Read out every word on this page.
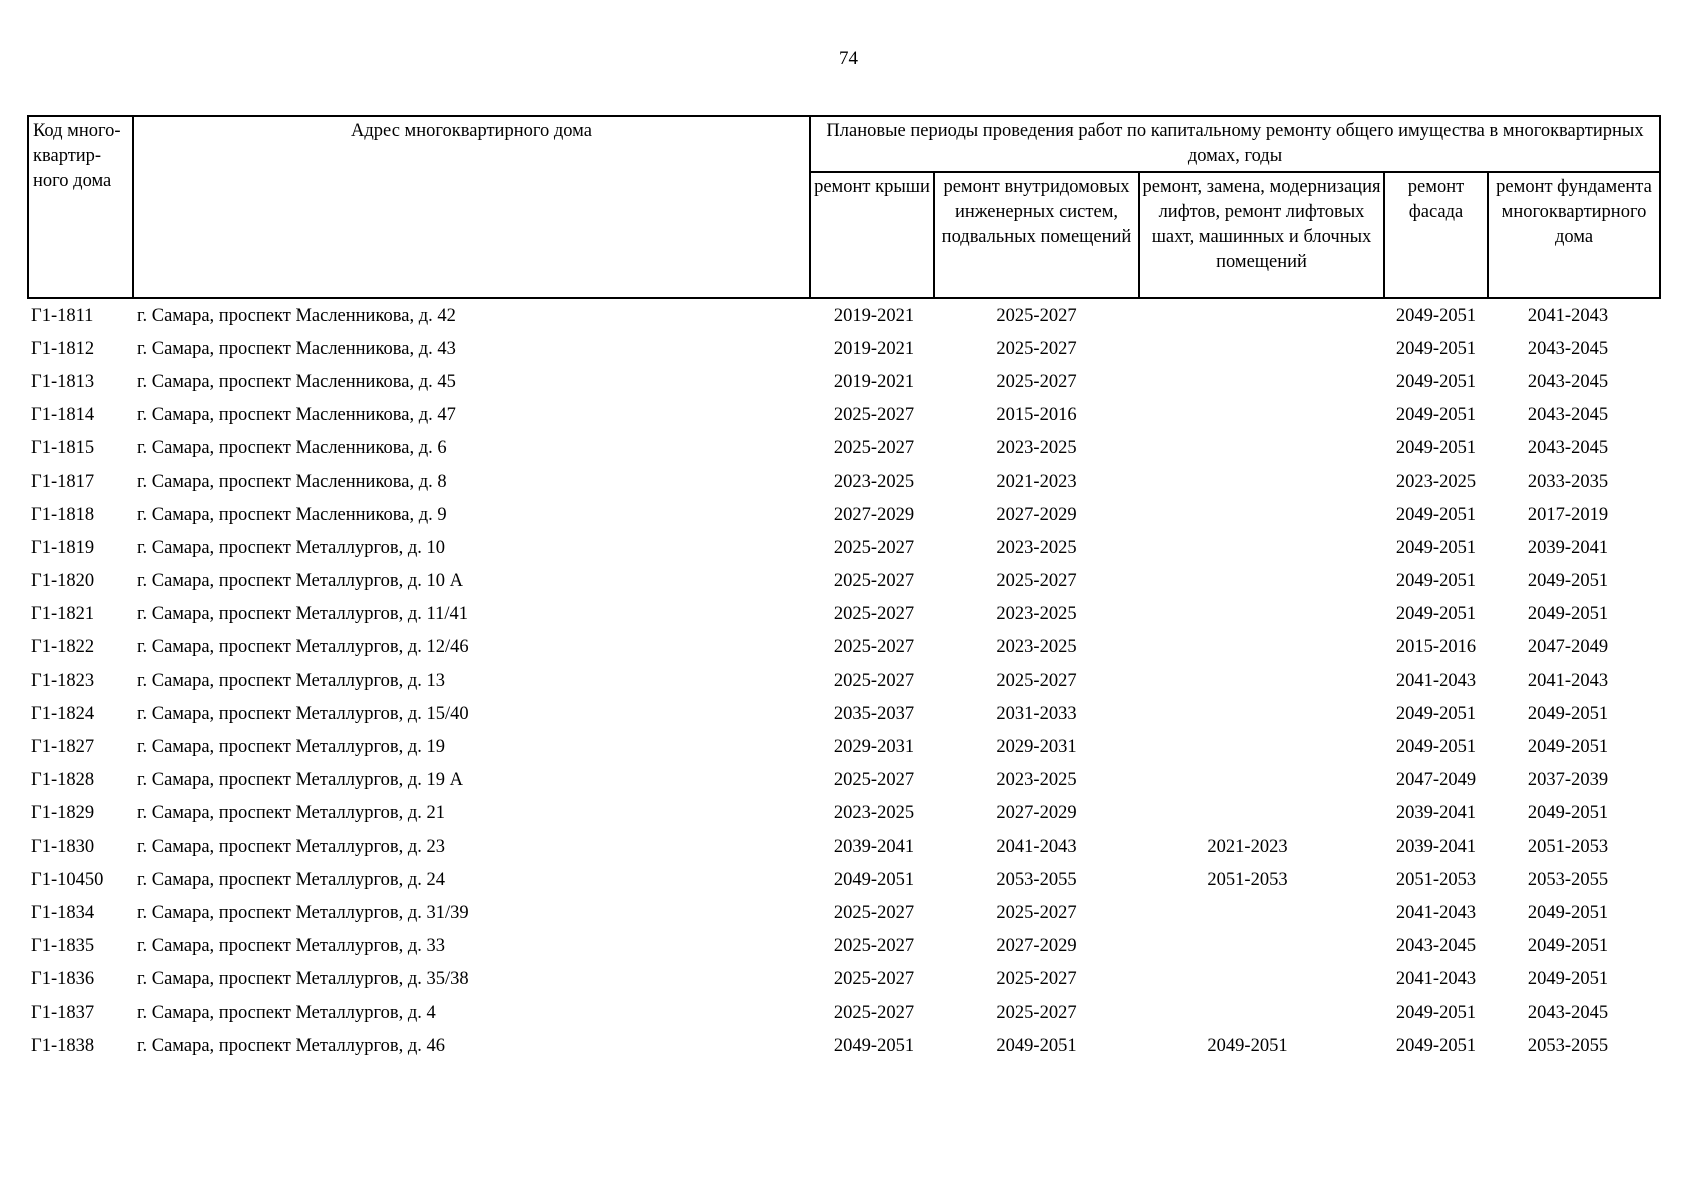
74
Код много-квартир-ного дома	Адрес многоквартирного дома	Плановые периоды проведения работ по капитальному ремонту общего имущества в многоквартирных домах, годы				
		ремонт крыши	ремонт внутридомовых инженерных систем, подвальных помещений	ремонт, замена, модернизация лифтов, ремонт лифтовых шахт, машинных и блочных помещений	ремонт фасада	ремонт фундамента многоквартирного дома
Г1-1811	г. Самара, проспект Масленникова, д. 42	2019-2021	2025-2027		2049-2051	2041-2043
Г1-1812	г. Самара, проспект Масленникова, д. 43	2019-2021	2025-2027		2049-2051	2043-2045
Г1-1813	г. Самара, проспект Масленникова, д. 45	2019-2021	2025-2027		2049-2051	2043-2045
Г1-1814	г. Самара, проспект Масленникова, д. 47	2025-2027	2015-2016		2049-2051	2043-2045
Г1-1815	г. Самара, проспект Масленникова, д. 6	2025-2027	2023-2025		2049-2051	2043-2045
Г1-1817	г. Самара, проспект Масленникова, д. 8	2023-2025	2021-2023		2023-2025	2033-2035
Г1-1818	г. Самара, проспект Масленникова, д. 9	2027-2029	2027-2029		2049-2051	2017-2019
Г1-1819	г. Самара, проспект Металлургов, д. 10	2025-2027	2023-2025		2049-2051	2039-2041
Г1-1820	г. Самара, проспект Металлургов, д. 10 А	2025-2027	2025-2027		2049-2051	2049-2051
Г1-1821	г. Самара, проспект Металлургов, д. 11/41	2025-2027	2023-2025		2049-2051	2049-2051
Г1-1822	г. Самара, проспект Металлургов, д. 12/46	2025-2027	2023-2025		2015-2016	2047-2049
Г1-1823	г. Самара, проспект Металлургов, д. 13	2025-2027	2025-2027		2041-2043	2041-2043
Г1-1824	г. Самара, проспект Металлургов, д. 15/40	2035-2037	2031-2033		2049-2051	2049-2051
Г1-1827	г. Самара, проспект Металлургов, д. 19	2029-2031	2029-2031		2049-2051	2049-2051
Г1-1828	г. Самара, проспект Металлургов, д. 19 А	2025-2027	2023-2025		2047-2049	2037-2039
Г1-1829	г. Самара, проспект Металлургов, д. 21	2023-2025	2027-2029		2039-2041	2049-2051
Г1-1830	г. Самара, проспект Металлургов, д. 23	2039-2041	2041-2043	2021-2023	2039-2041	2051-2053
Г1-10450	г. Самара, проспект Металлургов, д. 24	2049-2051	2053-2055	2051-2053	2051-2053	2053-2055
Г1-1834	г. Самара, проспект Металлургов, д. 31/39	2025-2027	2025-2027		2041-2043	2049-2051
Г1-1835	г. Самара, проспект Металлургов, д. 33	2025-2027	2027-2029		2043-2045	2049-2051
Г1-1836	г. Самара, проспект Металлургов, д. 35/38	2025-2027	2025-2027		2041-2043	2049-2051
Г1-1837	г. Самара, проспект Металлургов, д. 4	2025-2027	2025-2027		2049-2051	2043-2045
Г1-1838	г. Самара, проспект Металлургов, д. 46	2049-2051	2049-2051	2049-2051	2049-2051	2053-2055
